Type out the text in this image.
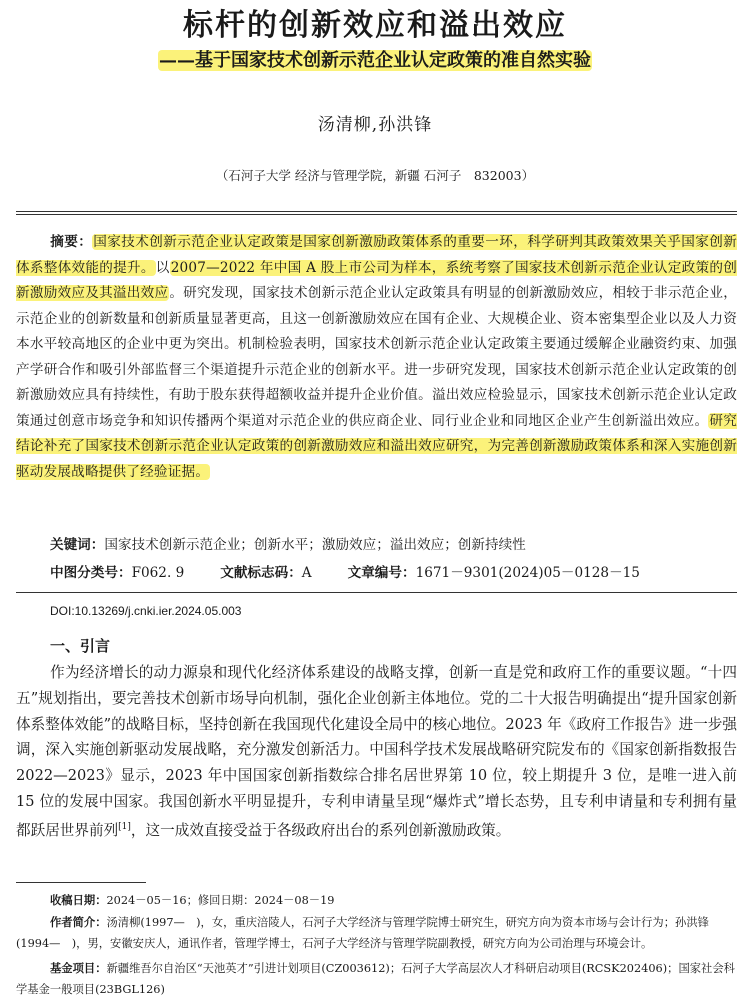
标杆的创新效应和溢出效应
——基于国家技术创新示范企业认定政策的准自然实验
汤清柳,孙洪锋
（石河子大学 经济与管理学院，新疆 石河子　832003）
摘要：国家技术创新示范企业认定政策是国家创新激励政策体系的重要一环，科学研判其政策效果关乎国家创新体系整体效能的提升。以2007—2022 年中国 A 股上市公司为样本，系统考察了国家技术创新示范企业认定政策的创新激励效应及其溢出效应。研究发现，国家技术创新示范企业认定政策具有明显的创新激励效应，相较于非示范企业，示范企业的创新数量和创新质量显著更高，且这一创新激励效应在国有企业、大规模企业、资本密集型企业以及人力资本水平较高地区的企业中更为突出。机制检验表明，国家技术创新示范企业认定政策主要通过缓解企业融资约束、加强产学研合作和吸引外部监督三个渠道提升示范企业的创新水平。进一步研究发现，国家技术创新示范企业认定政策的创新激励效应具有持续性，有助于股东获得超额收益并提升企业价值。溢出效应检验显示，国家技术创新示范企业认定政策通过创意市场竞争和知识传播两个渠道对示范企业的供应商企业、同行业企业和同地区企业产生创新溢出效应。研究结论补充了国家技术创新示范企业认定政策的创新激励效应和溢出效应研究，为完善创新激励政策体系和深入实施创新驱动发展战略提供了经验证据。
关键词：国家技术创新示范企业；创新水平；激励效应；溢出效应；创新持续性
中图分类号：F062. 9	文献标志码：A	文章编号：1671－9301(2024)05－0128－15
DOI:10.13269/j.cnki.ier.2024.05.003
一、引言
作为经济增长的动力源泉和现代化经济体系建设的战略支撑，创新一直是党和政府工作的重要议题。“十四五”规划指出，要完善技术创新市场导向机制，强化企业创新主体地位。党的二十大报告明确提出“提升国家创新体系整体效能”的战略目标，坚持创新在我国现代化建设全局中的核心地位。2023 年《政府工作报告》进一步强调，深入实施创新驱动发展战略，充分激发创新活力。中国科学技术发展战略研究院发布的《国家创新指数报告 2022—2023》显示，2023 年中国国家创新指数综合排名居世界第 10 位，较上期提升 3 位，是唯一进入前 15 位的发展中国家。我国创新水平明显提升，专利申请量呈现“爆炸式”增长态势，且专利申请量和专利拥有量都跃居世界前列[1]，这一成效直接受益于各级政府出台的系列创新激励政策。
收稿日期：2024－05－16；修回日期：2024－08－19
作者简介：汤清柳(1997—　)，女，重庆涪陵人，石河子大学经济与管理学院博士研究生，研究方向为资本市场与会计行为；孙洪锋(1994—　)，男，安徽安庆人，通讯作者，管理学博士，石河子大学经济与管理学院副教授，研究方向为公司治理与环境会计。
基金项目：新疆维吾尔自治区“天池英才”引进计划项目(CZ003612)；石河子大学高层次人才科研启动项目(RCSK202406)；国家社会科学基金一般项目(23BGL126)
